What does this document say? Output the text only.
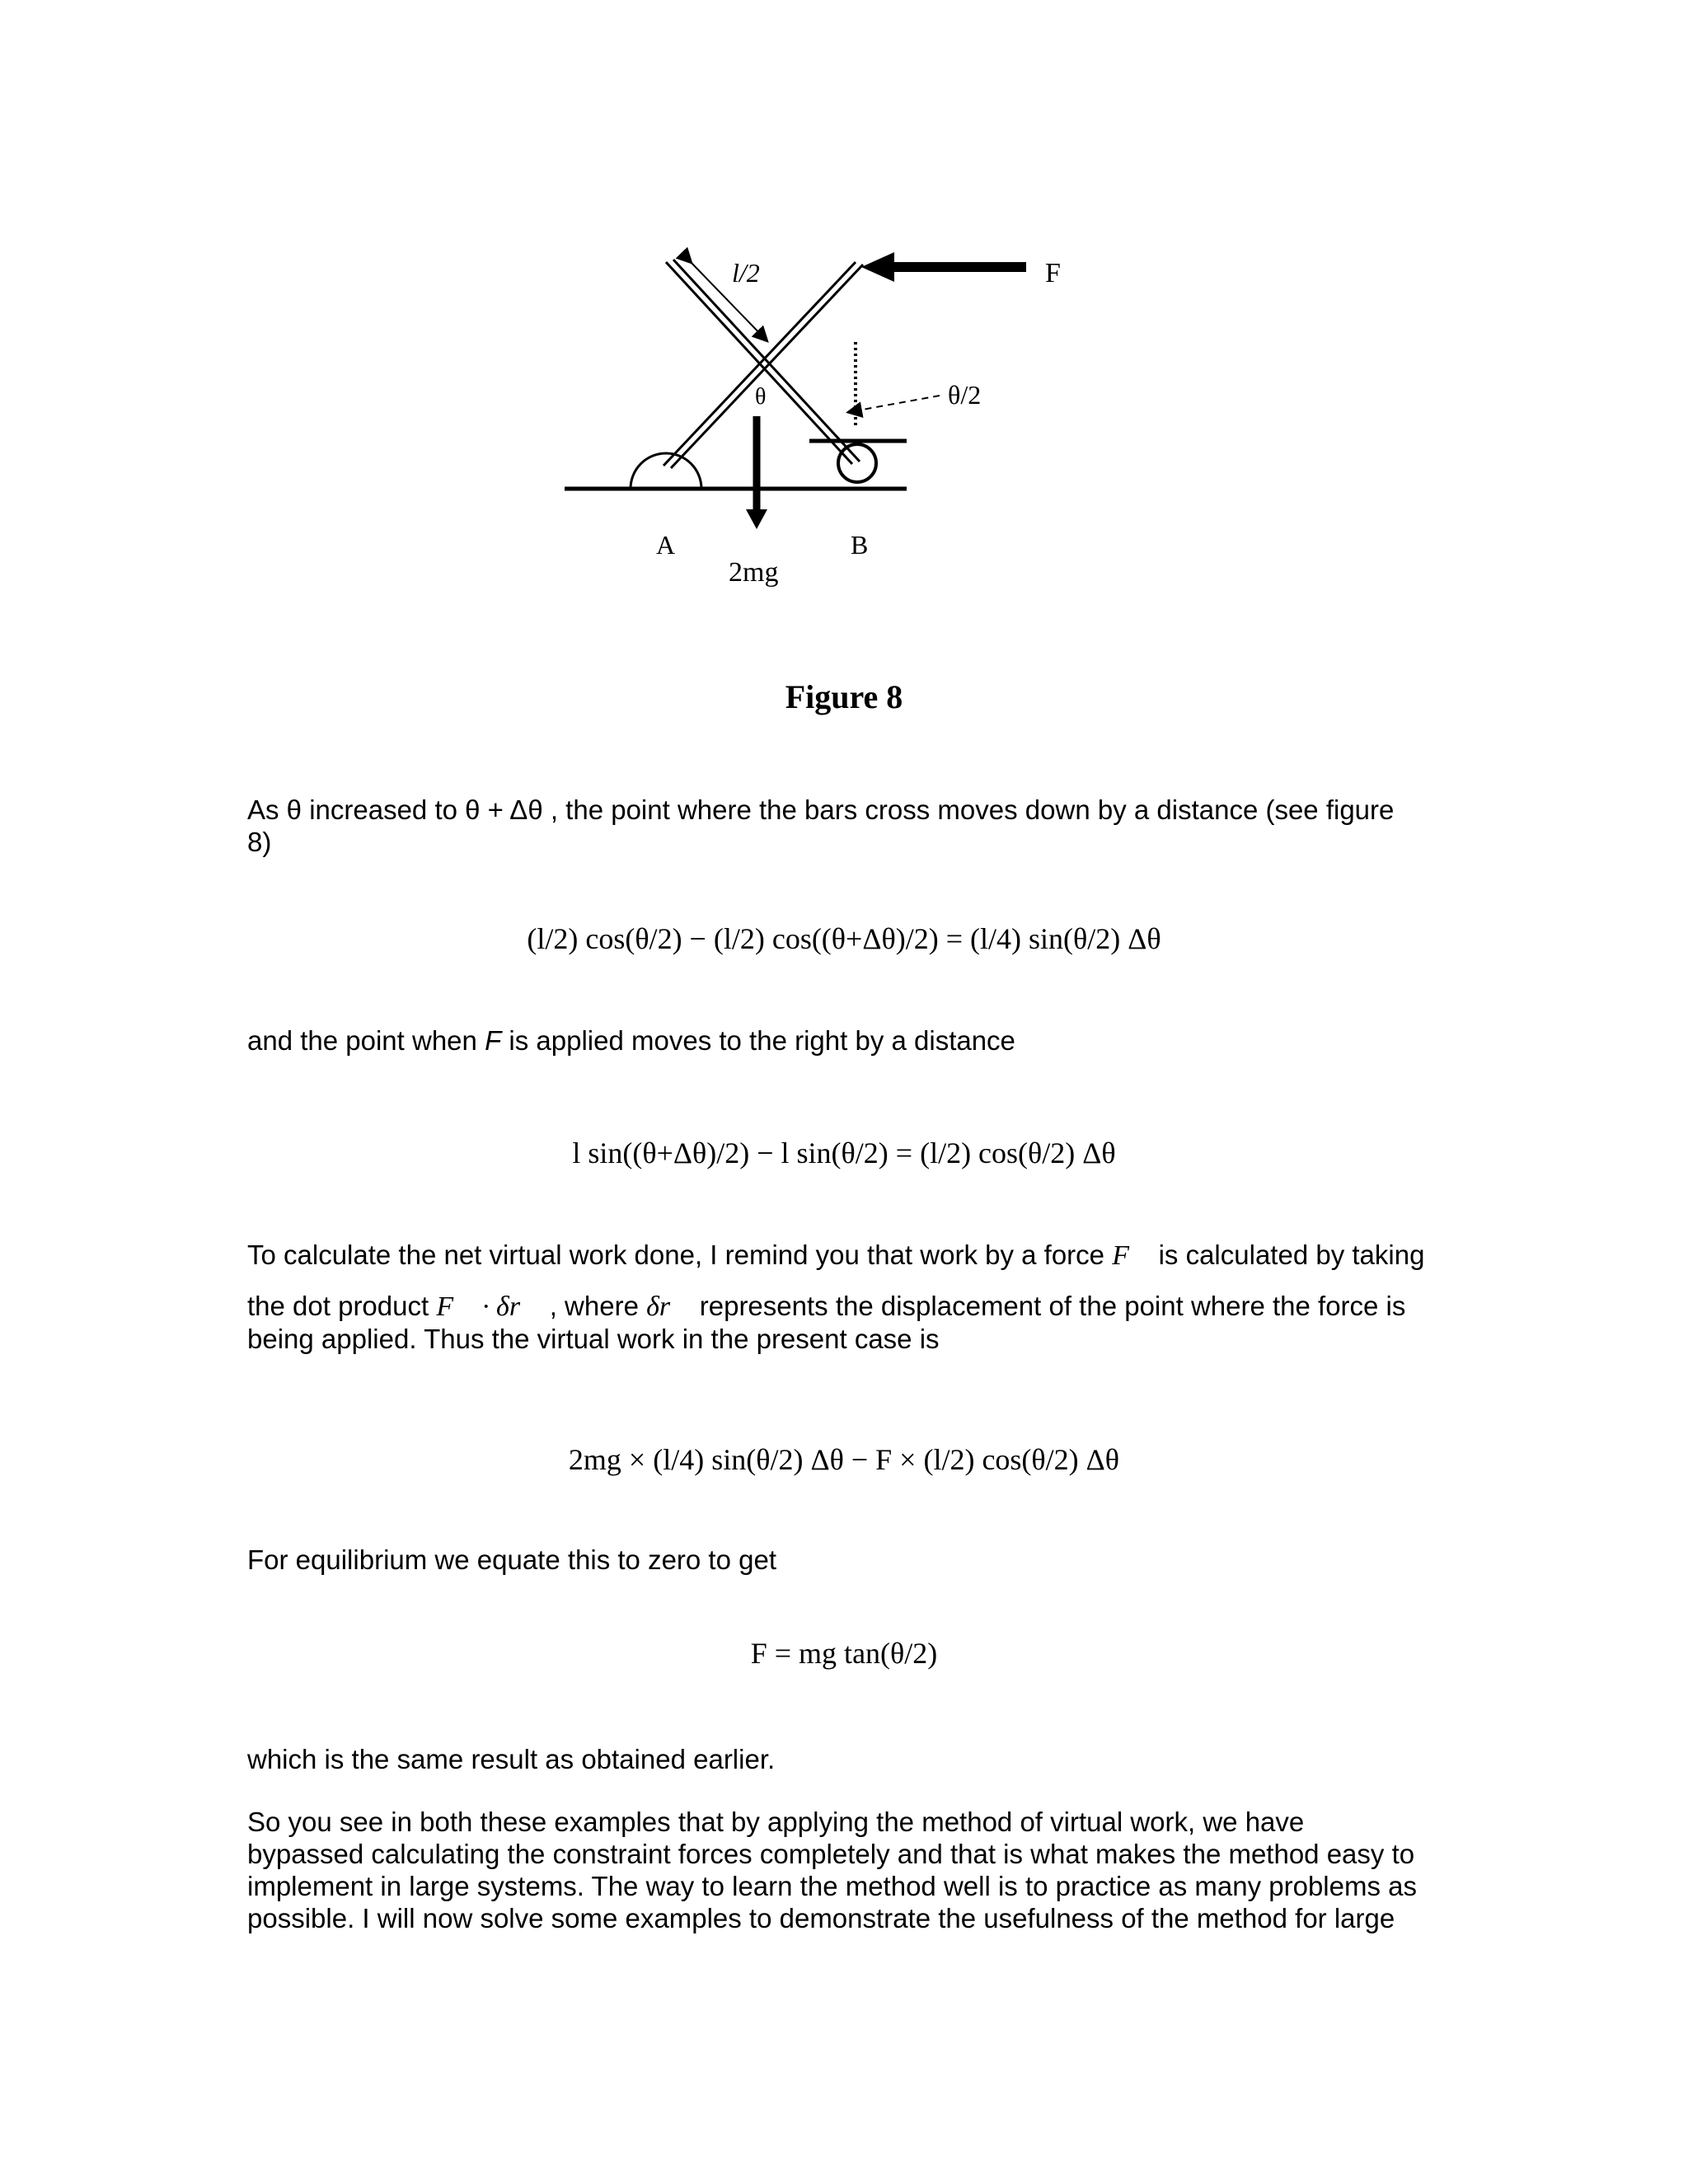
l/2	F
θ/2
θ
2mg
A	B
Figure 8
As θ increased to θ + Δθ , the point where the bars cross moves down by a distance (see figure
8)
(l/2) cos(θ/2) − (l/2) cos((θ+Δθ)/2) = (l/4) sin(θ/2) Δθ
and the point when F is applied moves to the right by a distance
l sin((θ+Δθ)/2) − l sin(θ/2) = (l/2) cos(θ/2) Δθ
To calculate the net virtual work done, I remind you that work by a force F⃗ is calculated by taking
the dot product F⃗ · δr⃗ , where δr⃗ represents the displacement of the point where the force is
being applied. Thus the virtual work in the present case is
2mg × (l/4) sin(θ/2) Δθ − F × (l/2) cos(θ/2) Δθ
For equilibrium we equate this to zero to get
F = mg tan(θ/2)
which is the same result as obtained earlier.
So you see in both these examples that by applying the method of virtual work, we have
bypassed calculating the constraint forces completely and that is what makes the method easy to
implement in large systems. The way to learn the method well is to practice as many problems as
possible. I will now solve some examples to demonstrate the usefulness of the method for large
